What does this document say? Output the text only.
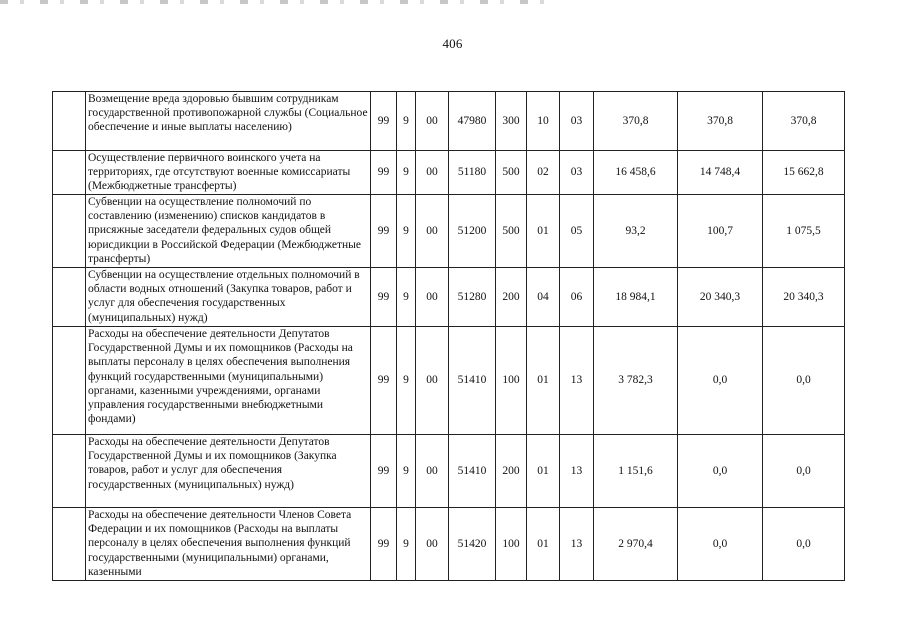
406

	Возмещение вреда здоровью бывшим сотрудникам государственной противопожарной службы (Социальное обеспечение и иные выплаты населению)	99	9	00	47980	300	10	03	370,8	370,8	370,8

	Осуществление первичного воинского учета на территориях, где отсутствуют военные комиссариаты (Межбюджетные трансферты)	99	9	00	51180	500	02	03	16 458,6	14 748,4	15 662,8

	Субвенции на осуществление полномочий по составлению (изменению) списков кандидатов в присяжные заседатели федеральных судов общей юрисдикции в Российской Федерации (Межбюджетные трансферты)	99	9	00	51200	500	01	05	93,2	100,7	1 075,5

	Субвенции на осуществление отдельных полномочий в области водных отношений (Закупка товаров, работ и услуг для обеспечения государственных (муниципальных) нужд)	99	9	00	51280	200	04	06	18 984,1	20 340,3	20 340,3

	Расходы на обеспечение деятельности Депутатов Государственной Думы и их помощников (Расходы на выплаты персоналу в целях обеспечения выполнения функций государственными (муниципальными) органами, казенными учреждениями, органами управления государственными внебюджетными фондами)	99	9	00	51410	100	01	13	3 782,3	0,0	0,0

	Расходы на обеспечение деятельности Депутатов Государственной Думы и их помощников (Закупка товаров, работ и услуг для обеспечения государственных (муниципальных) нужд)	99	9	00	51410	200	01	13	1 151,6	0,0	0,0

	Расходы на обеспечение деятельности Членов Совета Федерации и их помощников (Расходы на выплаты персоналу в целях обеспечения выполнения функций государственными (муниципальными) органами, казенными	99	9	00	51420	100	01	13	2 970,4	0,0	0,0
